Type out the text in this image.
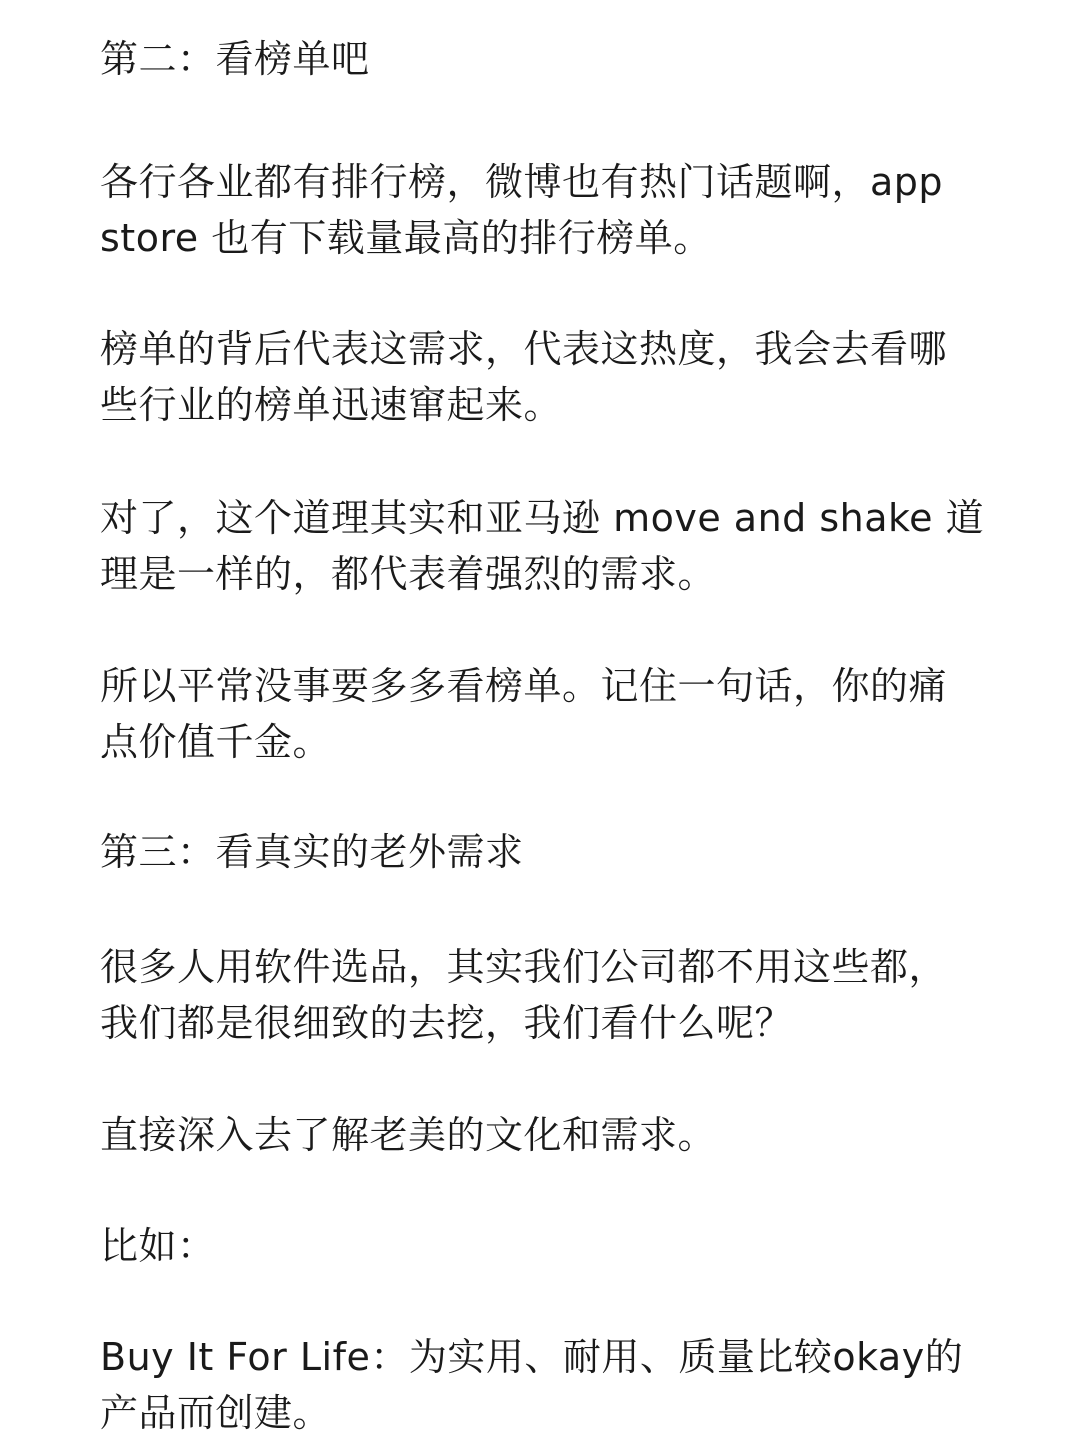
第二：看榜单吧
各行各业都有排行榜，微博也有热门话题啊，app
store 也有下载量最高的排行榜单。
榜单的背后代表这需求，代表这热度，我会去看哪
些行业的榜单迅速窜起来。
对了，这个道理其实和亚马逊 move and shake 道
理是一样的，都代表着强烈的需求。
所以平常没事要多多看榜单。记住一句话，你的痛
点价值千金。
第三：看真实的老外需求
很多人用软件选品，其实我们公司都不用这些都，
我们都是很细致的去挖，我们看什么呢？
直接深入去了解老美的文化和需求。
比如：
Buy It For Life：为实用、耐用、质量比较okay的
产品而创建。
